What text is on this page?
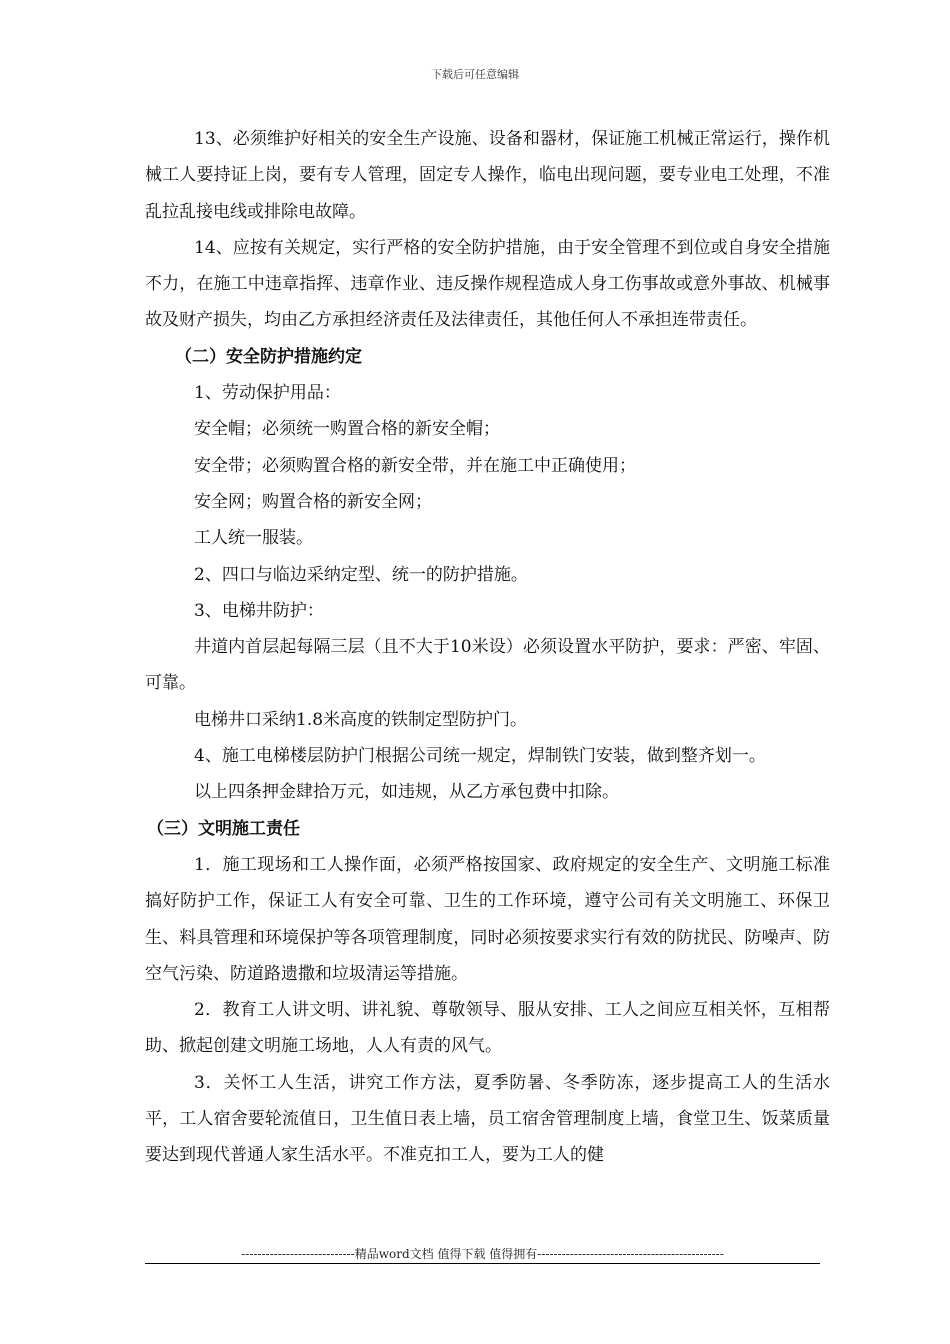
下载后可任意编辑

13、必须维护好相关的安全生产设施、设备和器材，保证施工机械正常运行，操作机械工人要持证上岗，要有专人管理，固定专人操作，临电出现问题，要专业电工处理，不准乱拉乱接电线或排除电故障。

14、应按有关规定，实行严格的安全防护措施，由于安全管理不到位或自身安全措施不力，在施工中违章指挥、违章作业、违反操作规程造成人身工伤事故或意外事故、机械事故及财产损失，均由乙方承担经济责任及法律责任，其他任何人不承担连带责任。

（二）安全防护措施约定

1、劳动保护用品：

安全帽；必须统一购置合格的新安全帽；

安全带；必须购置合格的新安全带，并在施工中正确使用；

安全网；购置合格的新安全网；

工人统一服装。

2、四口与临边采纳定型、统一的防护措施。

3、电梯井防护：

井道内首层起每隔三层（且不大于10米设）必须设置水平防护，要求：严密、牢固、可靠。

电梯井口采纳1.8米高度的铁制定型防护门。

4、施工电梯楼层防护门根据公司统一规定，焊制铁门安装，做到整齐划一。

以上四条押金肆拾万元，如违规，从乙方承包费中扣除。

（三）文明施工责任

1．施工现场和工人操作面，必须严格按国家、政府规定的安全生产、文明施工标准搞好防护工作，保证工人有安全可靠、卫生的工作环境，遵守公司有关文明施工、环保卫生、料具管理和环境保护等各项管理制度，同时必须按要求实行有效的防扰民、防噪声、防空气污染、防道路遗撒和垃圾清运等措施。

2．教育工人讲文明、讲礼貌、尊敬领导、服从安排、工人之间应互相关怀，互相帮助、掀起创建文明施工场地，人人有责的风气。

3．关怀工人生活，讲究工作方法，夏季防暑、冬季防冻，逐步提高工人的生活水平，工人宿舍要轮流值日，卫生值日表上墙，员工宿舍管理制度上墙，食堂卫生、饭菜质量要达到现代普通人家生活水平。不准克扣工人，要为工人的健

----------------------------精品word文档 值得下载 值得拥有----------------------------------------------
